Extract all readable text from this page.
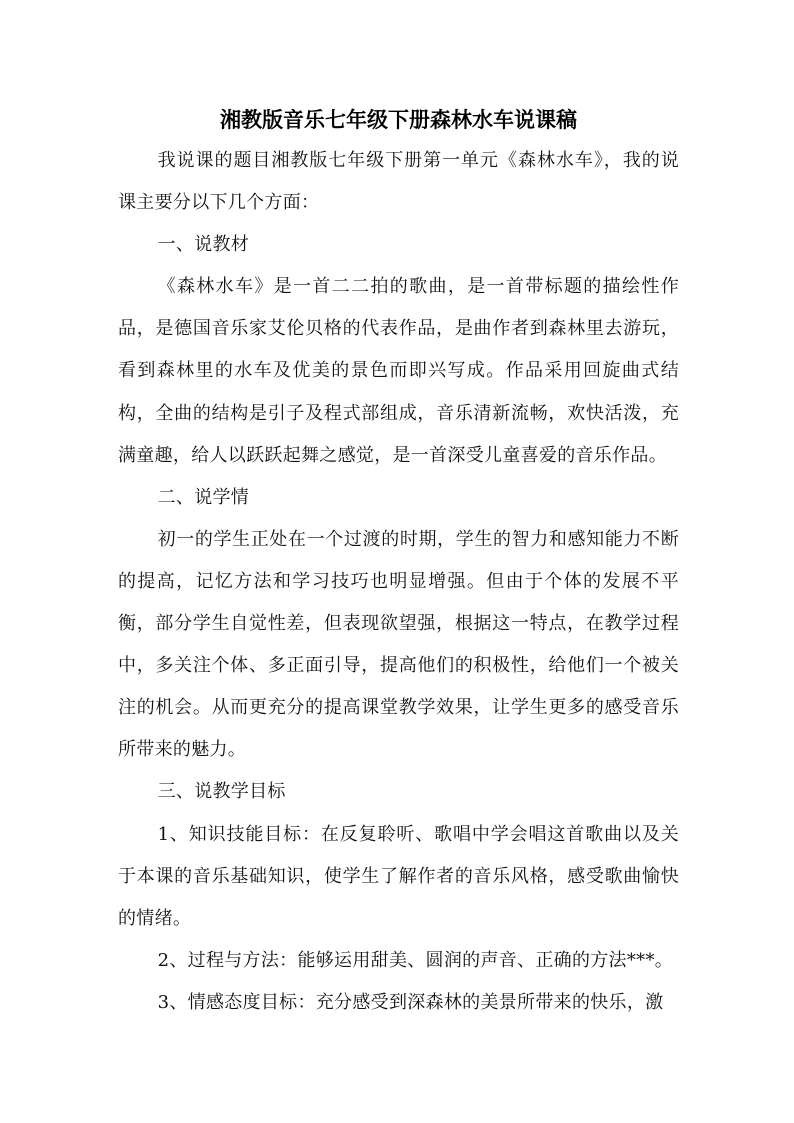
湘教版音乐七年级下册森林水车说课稿

我说课的题目湘教版七年级下册第一单元《森林水车》，我的说课主要分以下几个方面：

一、说教材

《森林水车》是一首二二拍的歌曲，是一首带标题的描绘性作品，是德国音乐家艾伦贝格的代表作品，是曲作者到森林里去游玩，看到森林里的水车及优美的景色而即兴写成。作品采用回旋曲式结构，全曲的结构是引子及程式部组成，音乐清新流畅，欢快活泼，充满童趣，给人以跃跃起舞之感觉，是一首深受儿童喜爱的音乐作品。

二、说学情

初一的学生正处在一个过渡的时期，学生的智力和感知能力不断的提高，记忆方法和学习技巧也明显增强。但由于个体的发展不平衡，部分学生自觉性差，但表现欲望强，根据这一特点，在教学过程中，多关注个体、多正面引导，提高他们的积极性，给他们一个被关注的机会。从而更充分的提高课堂教学效果，让学生更多的感受音乐所带来的魅力。

三、说教学目标

1、知识技能目标：在反复聆听、歌唱中学会唱这首歌曲以及关于本课的音乐基础知识，使学生了解作者的音乐风格，感受歌曲愉快的情绪。

2、过程与方法：能够运用甜美、圆润的声音、正确的方法***。

3、情感态度目标：充分感受到深森林的美景所带来的快乐，激
